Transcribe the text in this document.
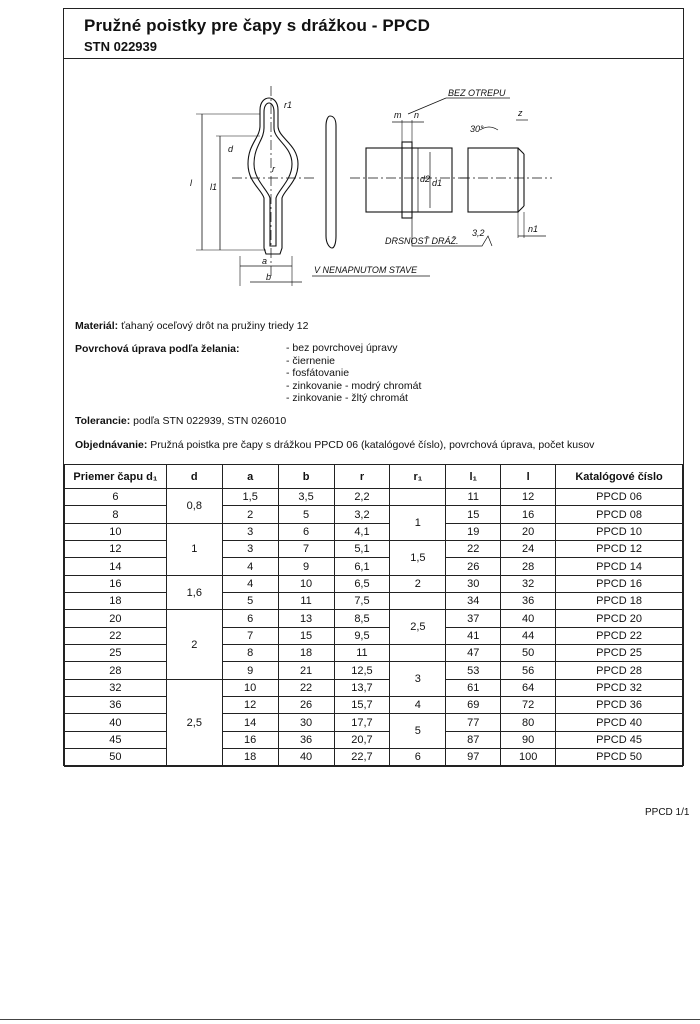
Pružné poistky pre čapy s drážkou - PPCD
STN 022939
BEZ OTREPU
DRSNOSŤ DRÁŽ.
3,2
V NENAPNUTOM STAVE
30°
r1
d
r
l l1
a
b
m n
d1
d2
z
n1
Materiál: ťahaný oceľový drôt na pružiny triedy 12
Povrchová úprava podľa želania:	- bez povrchovej úpravy
- čiernenie
- fosfátovanie
- zinkovanie - modrý chromát
- zinkovanie - žltý chromát
Tolerancie: podľa STN 022939, STN 026010
Objednávanie: Pružná poistka pre čapy s drážkou PPCD 06 (katalógové číslo), povrchová úprava, počet kusov
Priemer čapu d₁	d	a	b	r	r₁	l₁	l	Katalógové číslo
6	0,8	1,5	3,5	2,2		11	12	PPCD 06
8		2	5	3,2	1	15	16	PPCD 08
10	1	3	6	4,1		19	20	PPCD 10
12		3	7	5,1	1,5	22	24	PPCD 12
14		4	9	6,1		26	28	PPCD 14
16	1,6	4	10	6,5	2	30	32	PPCD 16
18		5	11	7,5		34	36	PPCD 18
20	2	6	13	8,5	2,5	37	40	PPCD 20
22		7	15	9,5		41	44	PPCD 22
25		8	18	11		47	50	PPCD 25
28		9	21	12,5	3	53	56	PPCD 28
32	2,5	10	22	13,7		61	64	PPCD 32
36		12	26	15,7	4	69	72	PPCD 36
40		14	30	17,7	5	77	80	PPCD 40
45		16	36	20,7		87	90	PPCD 45
50		18	40	22,7	6	97	100	PPCD 50
PPCD 1/1
